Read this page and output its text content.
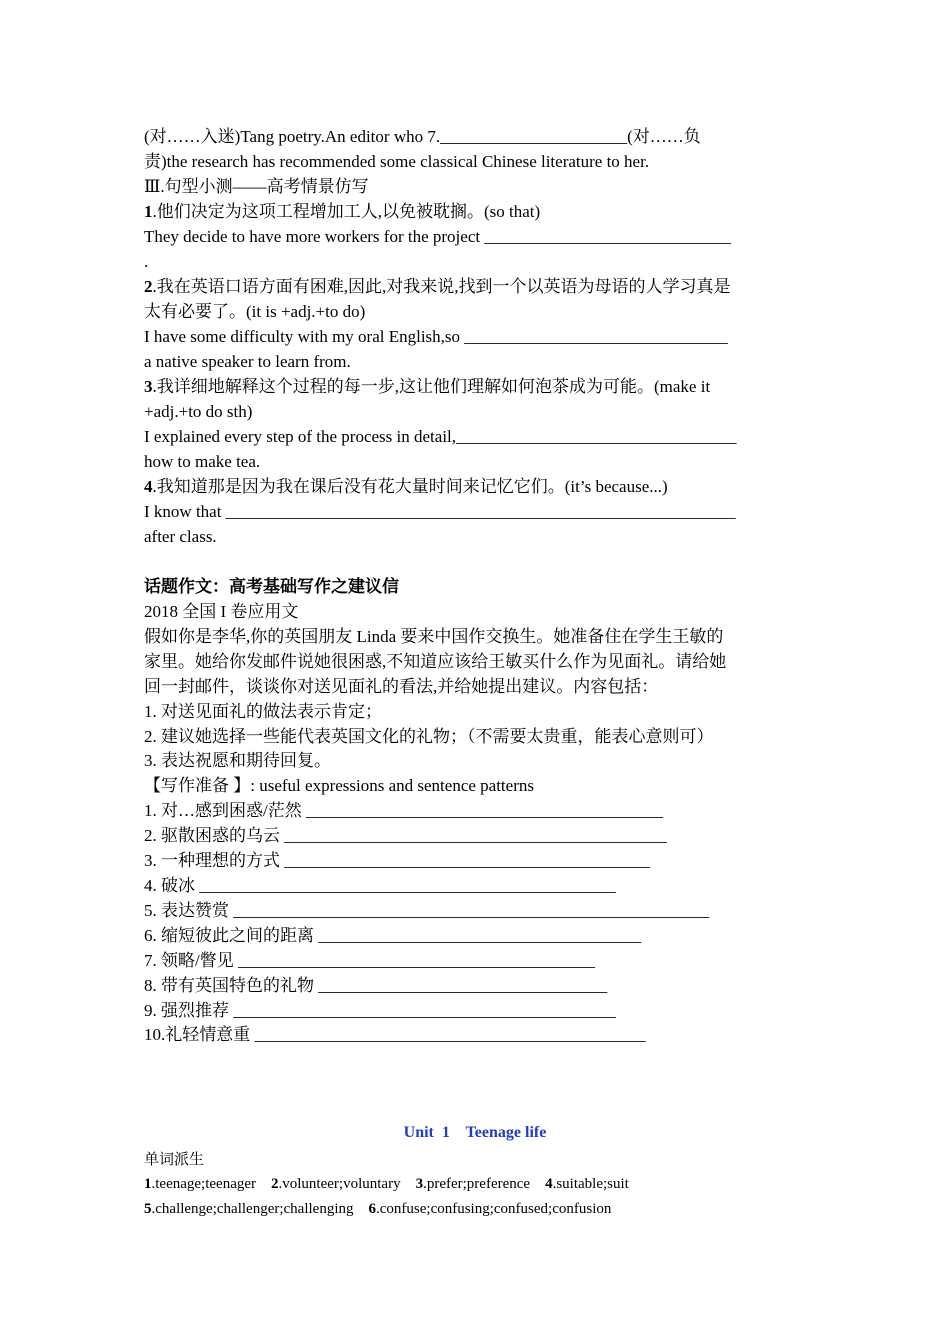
(对……入迷)Tang poetry.An editor who 7.______________________(对……负
责)the research has recommended some classical Chinese literature to her.
Ⅲ.句型小测——高考情景仿写
1.他们决定为这项工程增加工人,以免被耽搁。(so that)
They decide to have more workers for the project _____________________________
.
2.我在英语口语方面有困难,因此,对我来说,找到一个以英语为母语的人学习真是
太有必要了。(it is +adj.+to do)
I have some difficulty with my oral English,so _______________________________
a native speaker to learn from.
3.我详细地解释这个过程的每一步,这让他们理解如何泡茶成为可能。(make it
+adj.+to do sth)
I explained every step of the process in detail,_________________________________
how to make tea.
4.我知道那是因为我在课后没有花大量时间来记忆它们。(it’s because...)
I know that ____________________________________________________________
after class.
话题作文：高考基础写作之建议信
2018 全国 I 卷应用文
假如你是李华,你的英国朋友 Linda 要来中国作交换生。她准备住在学生王敏的
家里。她给你发邮件说她很困惑,不知道应该给王敏买什么作为见面礼。请给她
回一封邮件，谈谈你对送见面礼的看法,并给她提出建议。内容包括：
1. 对送见面礼的做法表示肯定；
2. 建议她选择一些能代表英国文化的礼物；（不需要太贵重，能表心意则可）
3. 表达祝愿和期待回复。
【写作准备 】: useful expressions and sentence patterns
1. 对…感到困惑/茫然 __________________________________________
2. 驱散困惑的乌云 _____________________________________________
3. 一种理想的方式 ___________________________________________
4. 破冰 _________________________________________________
5. 表达赞赏 ________________________________________________________
6. 缩短彼此之间的距离 ______________________________________
7. 领略/瞥见 __________________________________________
8. 带有英国特色的礼物 __________________________________
9. 强烈推荐 _____________________________________________
10.礼轻情意重 ______________________________________________
Unit  1    Teenage life
单词派生
1.teenage;teenager    2.volunteer;voluntary    3.prefer;preference    4.suitable;suit
5.challenge;challenger;challenging    6.confuse;confusing;confused;confusion
